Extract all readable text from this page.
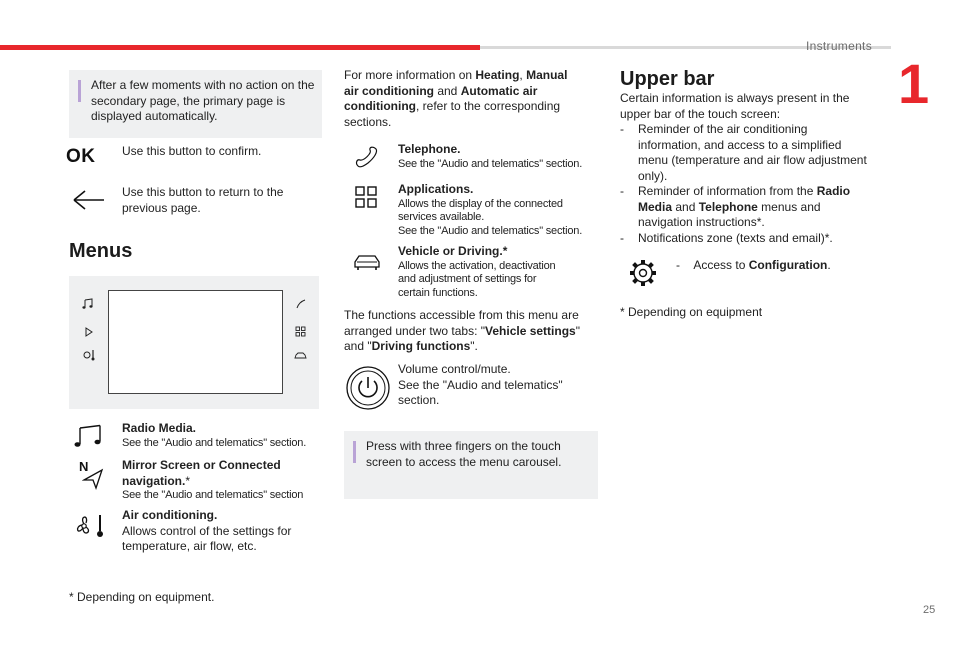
Instruments
1
After a few moments with no action on the secondary page, the primary page is displayed automatically.
OK Use this button to confirm.
Use this button to return to the
previous page.
Menus
Radio Media.
See the "Audio and telematics" section.
N	Mirror Screen or Connected
navigation.*
See the "Audio and telematics" section
Air conditioning.
Allows control of the settings for
temperature, air flow, etc.
* Depending on equipment.
For more information on Heating, Manual
air conditioning and Automatic air
conditioning, refer to the corresponding
sections.
Telephone.
See the "Audio and telematics" section.
Applications.
Allows the display of the connected
services available.
See the "Audio and telematics" section.
Vehicle or Driving.*
Allows the activation, deactivation
and adjustment of settings for
certain functions.
The functions accessible from this menu are
arranged under two tabs: "Vehicle settings"
and "Driving functions".
Volume control/mute.
See the "Audio and telematics"
section.
Press with three fingers on the touch screen to access the menu carousel.
Upper bar
Certain information is always present in the
upper bar of the touch screen:
- Reminder of the air conditioning
information, and access to a simplified
menu (temperature and air flow adjustment
only).
- Reminder of information from the Radio
Media and Telephone menus and
navigation instructions*.
- Notifications zone (texts and email)*.
- Access to Configuration.
* Depending on equipment
25
